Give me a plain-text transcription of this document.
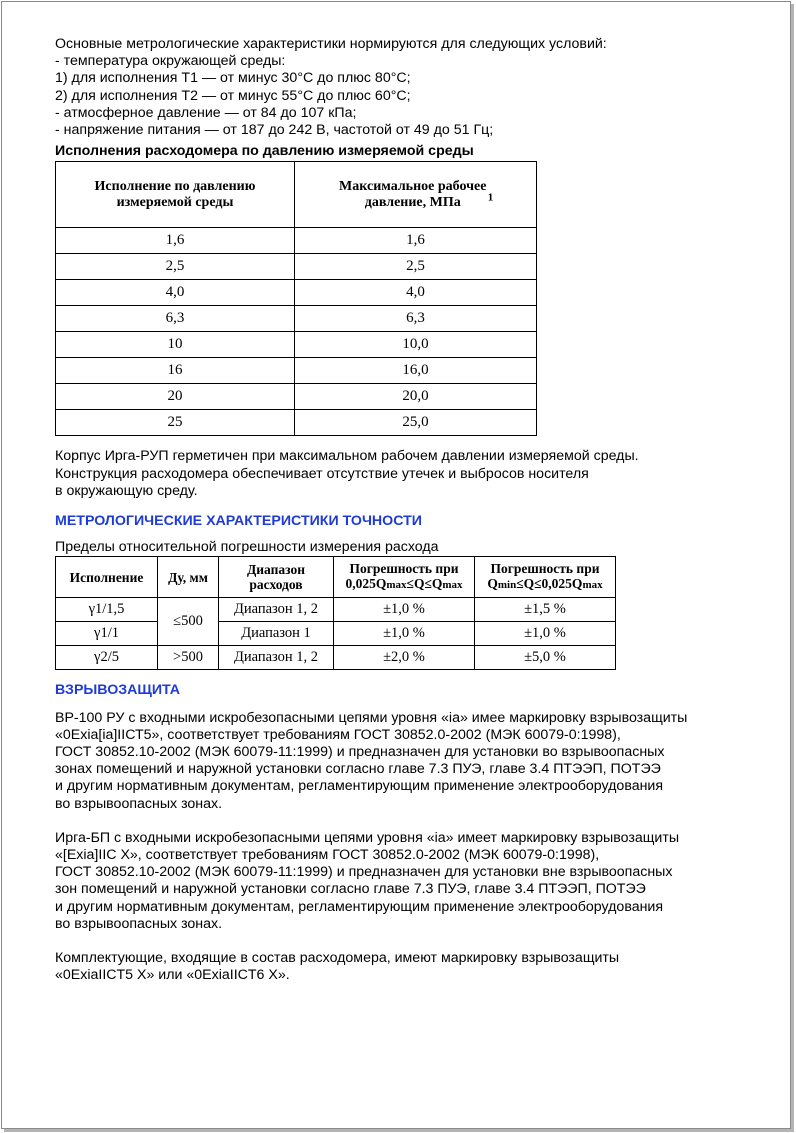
Основные метрологические характеристики нормируются для следующих условий:
- температура окружающей среды:
1) для исполнения Т1 — от минус 30°С до плюс 80°С;
2) для исполнения Т2 — от минус 55°С до плюс 60°С;
- атмосферное давление — от 84 до 107 кПа;
- напряжение питания — от 187 до 242 В, частотой от 49 до 51 Гц;
Исполнения расходомера по давлению измеряемой среды
Исполнение по давлению измеряемой среды	Максимальное рабочее давление, МПа $^1$
1,6	1,6
2,5	2,5
4,0	4,0
6,3	6,3
10	10,0
16	16,0
20	20,0
25	25,0
Корпус Ирга-РУП герметичен при максимальном рабочем давлении измеряемой среды.
Конструкция расходомера обеспечивает отсутствие утечек и выбросов носителя
в окружающую среду.
МЕТРОЛОГИЧЕСКИЕ ХАРАКТЕРИСТИКИ ТОЧНОСТИ
Пределы относительной погрешности измерения расхода
Исполнение	Ду, мм	Диапазон расходов	Погрешность при 0,025Qmax≤Q≤Qmax	Погрешность при Qmin≤Q≤0,025Qmax
γ1/1,5	≤500	Диапазон 1, 2	±1,0 %	±1,5 %
γ1/1		Диапазон 1	±1,0 %	±1,0 %
γ2/5	>500	Диапазон 1, 2	±2,0 %	±5,0 %
ВЗРЫВОЗАЩИТА
ВР-100 РУ с входными искробезопасными цепями уровня «ia» имее маркировку взрывозащиты
«0Exia[ia]IIСТ5», соответствует требованиям ГОСТ 30852.0-2002 (МЭК 60079-0:1998),
ГОСТ 30852.10-2002 (МЭК 60079-11:1999) и предназначен для установки во взрывоопасных
зонах помещений и наружной установки согласно главе 7.3 ПУЭ, главе 3.4 ПТЭЭП, ПОТЭЭ
и другим нормативным документам, регламентирующим применение электрооборудования
во взрывоопасных зонах.
Ирга-БП с входными искробезопасными цепями уровня «ia» имеет маркировку взрывозащиты
«[Exia]IIC X», соответствует требованиям ГОСТ 30852.0-2002 (МЭК 60079-0:1998),
ГОСТ 30852.10-2002 (МЭК 60079-11:1999) и предназначен для установки вне взрывоопасных
зон помещений и наружной установки согласно главе 7.3 ПУЭ, главе 3.4 ПТЭЭП, ПОТЭЭ
и другим нормативным документам, регламентирующим применение электрооборудования
во взрывоопасных зонах.
Комплектующие, входящие в состав расходомера, имеют маркировку взрывозащиты
«0ExiaIICT5 X» или «0ExiaIICT6 X».
